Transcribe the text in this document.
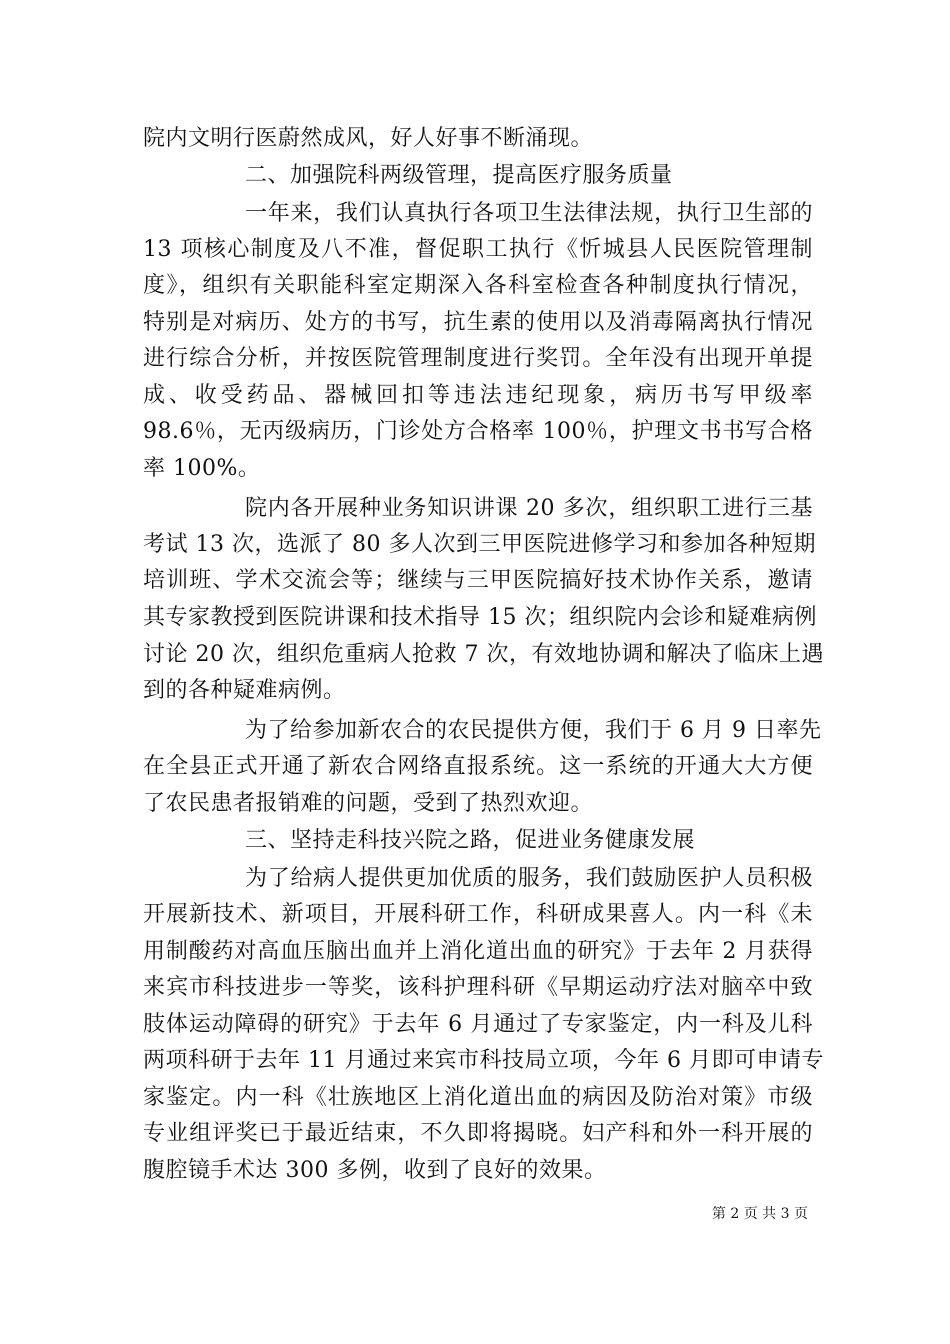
院内文明行医蔚然成风，好人好事不断涌现。
二、加强院科两级管理，提高医疗服务质量
一年来，我们认真执行各项卫生法律法规，执行卫生部的
13 项核心制度及八不准，督促职工执行《忻城县人民医院管理制
度》，组织有关职能科室定期深入各科室检查各种制度执行情况，
特别是对病历、处方的书写，抗生素的使用以及消毒隔离执行情况
进行综合分析，并按医院管理制度进行奖罚。全年没有出现开单提
成、收受药品、器械回扣等违法违纪现象，病历书写甲级率
98.6％，无丙级病历，门诊处方合格率 100％，护理文书书写合格
率 100%。
院内各开展种业务知识讲课 20 多次，组织职工进行三基
考试 13 次，选派了 80 多人次到三甲医院进修学习和参加各种短期
培训班、学术交流会等；继续与三甲医院搞好技术协作关系，邀请
其专家教授到医院讲课和技术指导 15 次；组织院内会诊和疑难病例
讨论 20 次，组织危重病人抢救 7 次，有效地协调和解决了临床上遇
到的各种疑难病例。
为了给参加新农合的农民提供方便，我们于 6 月 9 日率先
在全县正式开通了新农合网络直报系统。这一系统的开通大大方便
了农民患者报销难的问题，受到了热烈欢迎。
三、坚持走科技兴院之路，促进业务健康发展
为了给病人提供更加优质的服务，我们鼓励医护人员积极
开展新技术、新项目，开展科研工作，科研成果喜人。内一科《未
用制酸药对高血压脑出血并上消化道出血的研究》于去年 2 月获得
来宾市科技进步一等奖，该科护理科研《早期运动疗法对脑卒中致
肢体运动障碍的研究》于去年 6 月通过了专家鉴定，内一科及儿科
两项科研于去年 11 月通过来宾市科技局立项，今年 6 月即可申请专
家鉴定。内一科《壮族地区上消化道出血的病因及防治对策》市级
专业组评奖已于最近结束，不久即将揭晓。妇产科和外一科开展的
腹腔镜手术达 300 多例，收到了良好的效果。
第 2 页 共 3 页
